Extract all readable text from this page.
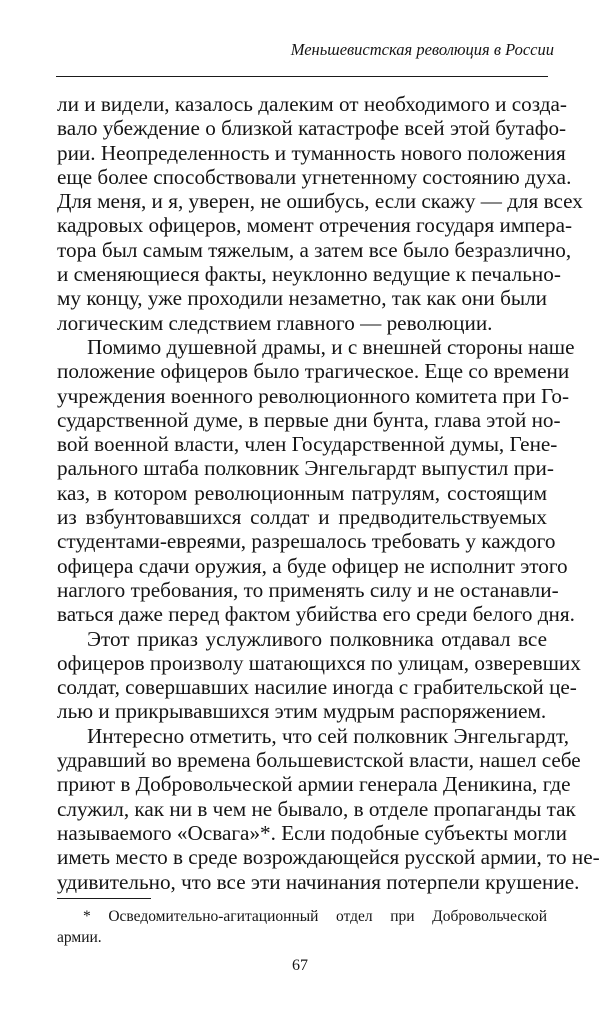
Меньшевистская революция в России
ли и видели, казалось далеким от необходимого и созда-
вало убеждение о близкой катастрофе всей этой бутафо-
рии. Неопределенность и туманность нового положения
еще более способствовали угнетенному состоянию духа.
Для меня, и я, уверен, не ошибусь, если скажу — для всех
кадровых офицеров, момент отречения государя импера-
тора был самым тяжелым, а затем все было безразлично,
и сменяющиеся факты, неуклонно ведущие к печально-
му концу, уже проходили незаметно, так как они были
логическим следствием главного — революции.
Помимо душевной драмы, и с внешней стороны наше
положение офицеров было трагическое. Еще со времени
учреждения военного революционного комитета при Го-
сударственной думе, в первые дни бунта, глава этой но-
вой военной власти, член Государственной думы, Гене-
рального штаба полковник Энгельгардт выпустил при-
каз, в котором революционным патрулям, состоящим
из взбунтовавшихся солдат и предводительствуемых
студентами-евреями, разрешалось требовать у каждого
офицера сдачи оружия, а буде офицер не исполнит этого
наглого требования, то применять силу и не останавли-
ваться даже перед фактом убийства его среди белого дня.
Этот приказ услужливого полковника отдавал все
офицеров произволу шатающихся по улицам, озверевших
солдат, совершавших насилие иногда с грабительской це-
лью и прикрывавшихся этим мудрым распоряжением.
Интересно отметить, что сей полковник Энгельгардт,
удравший во времена большевистской власти, нашел себе
приют в Добровольческой армии генерала Деникина, где
служил, как ни в чем не бывало, в отделе пропаганды так
называемого «Освага»*. Если подобные субъекты могли
иметь место в среде возрождающейся русской армии, то не-
удивительно, что все эти начинания потерпели крушение.
* Осведомительно-агитационный отдел при Добровольческой
армии.
67
